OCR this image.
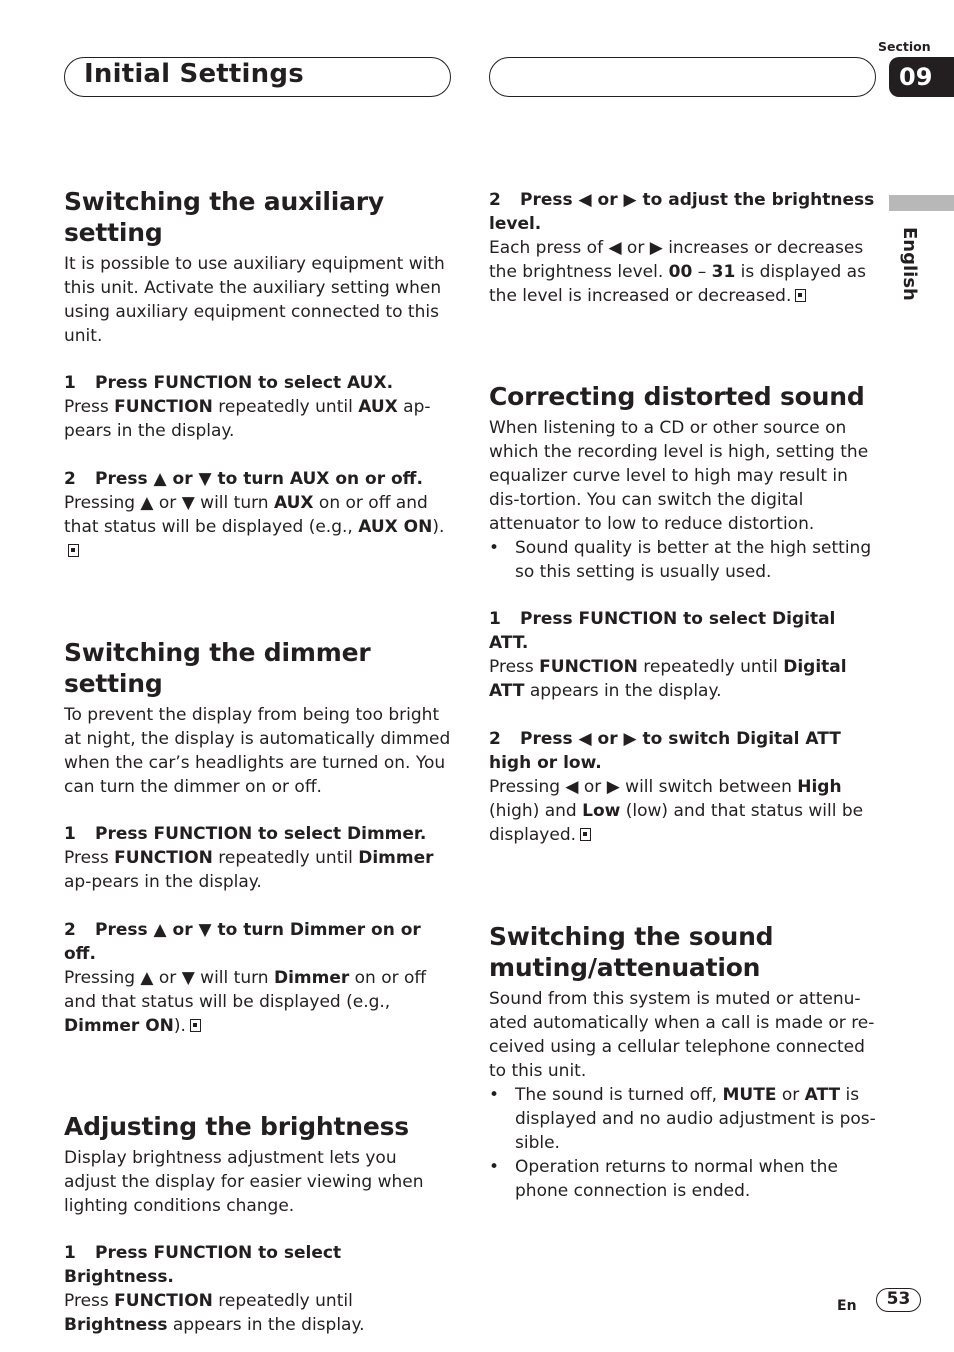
Initial Settings
Section
09
English
Switching the auxiliary setting

It is possible to use auxiliary equipment with this unit. Activate the auxiliary setting when using auxiliary equipment connected to this unit.

1 Press FUNCTION to select AUX.

Press FUNCTION repeatedly until AUX ap-pears in the display.

2 Press ▲ or ▼ to turn AUX on or off.

Pressing ▲ or ▼ will turn AUX on or off and that status will be displayed (e.g., AUX ON).

Switching the dimmer setting

To prevent the display from being too bright at night, the display is automatically dimmed when the car’s headlights are turned on. You can turn the dimmer on or off.

1 Press FUNCTION to select Dimmer.

Press FUNCTION repeatedly until Dimmer ap-pears in the display.

2 Press ▲ or ▼ to turn Dimmer on or off.

Pressing ▲ or ▼ will turn Dimmer on or off and that status will be displayed (e.g., Dimmer ON).

Adjusting the brightness

Display brightness adjustment lets you adjust the display for easier viewing when lighting conditions change.

1 Press FUNCTION to select Brightness.

Press FUNCTION repeatedly until Brightness appears in the display.

2 Press ◀ or ▶ to adjust the brightness level.

Each press of ◀ or ▶ increases or decreases the brightness level. 00 – 31 is displayed as the level is increased or decreased.

Correcting distorted sound

When listening to a CD or other source on which the recording level is high, setting the equalizer curve level to high may result in dis-tortion. You can switch the digital attenuator to low to reduce distortion.

• Sound quality is better at the high setting so this setting is usually used.
1 Press FUNCTION to select Digital ATT.

Press FUNCTION repeatedly until Digital ATT appears in the display.

2 Press ◀ or ▶ to switch Digital ATT high or low.

Pressing ◀ or ▶ will switch between High (high) and Low (low) and that status will be displayed.

Switching the sound muting/attenuation

Sound from this system is muted or attenu-ated automatically when a call is made or re-ceived using a cellular telephone connected to this unit.

• The sound is turned off, MUTE or ATT is displayed and no audio adjustment is pos-sible.
• Operation returns to normal when the phone connection is ended.
En	53
